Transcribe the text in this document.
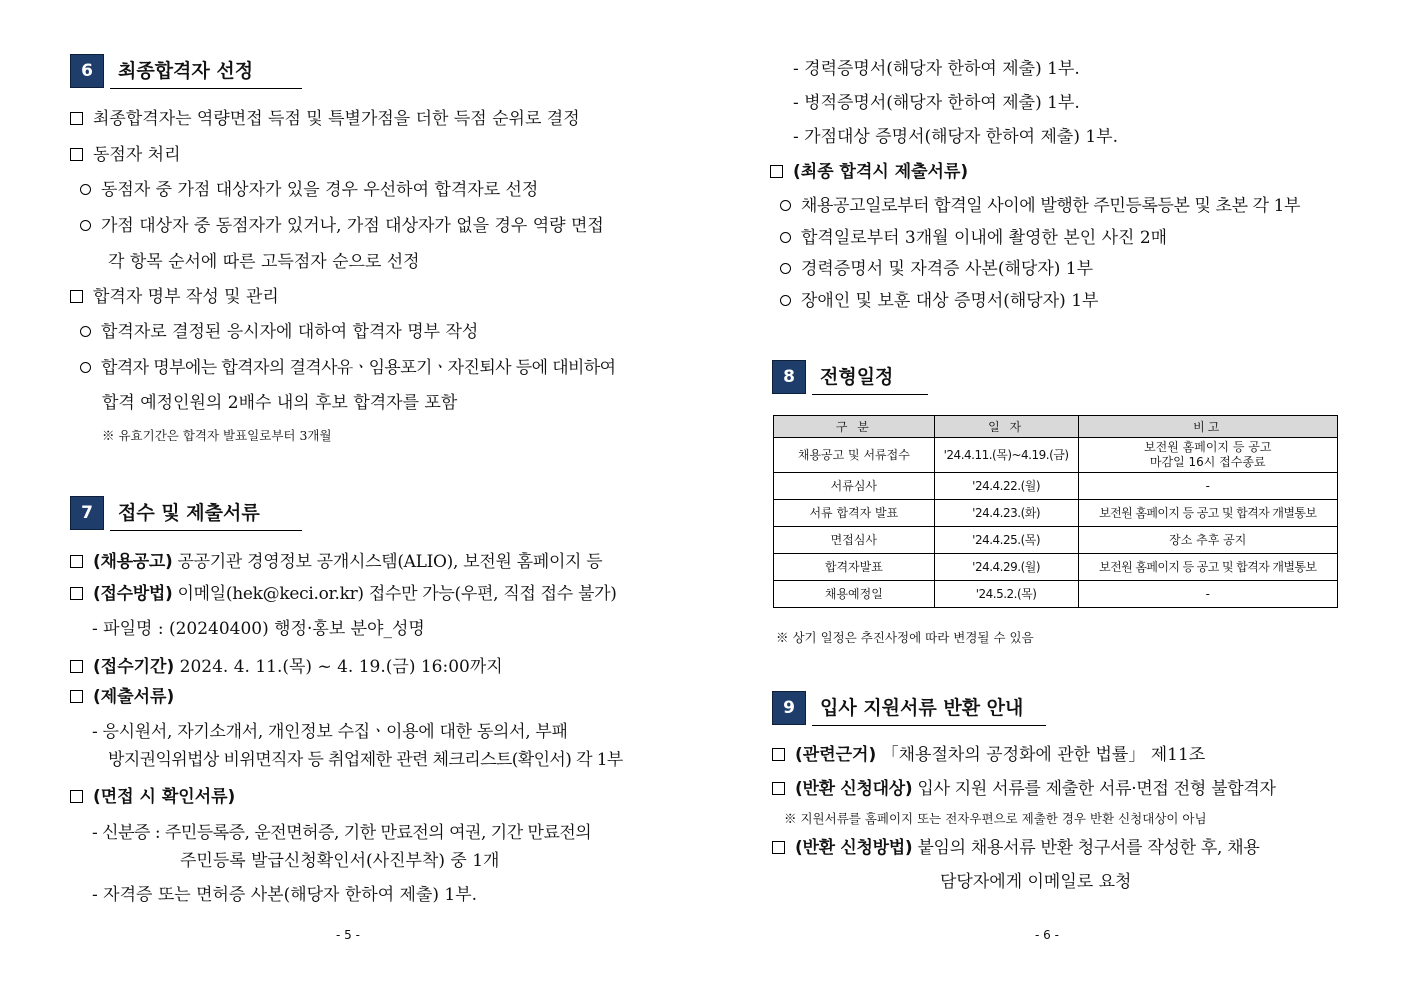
6	최종합격자 선정
최종합격자는 역량면접 득점 및 특별가점을 더한 득점 순위로 결정
동점자 처리
동점자 중 가점 대상자가 있을 경우 우선하여 합격자로 선정
가점 대상자 중 동점자가 있거나, 가점 대상자가 없을 경우 역량 면접
각 항목 순서에 따른 고득점자 순으로 선정
합격자 명부 작성 및 관리
합격자로 결정된 응시자에 대하여 합격자 명부 작성
합격자 명부에는 합격자의 결격사유ㆍ임용포기ㆍ자진퇴사 등에 대비하여
합격 예정인원의 2배수 내의 후보 합격자를 포함
※ 유효기간은 합격자 발표일로부터 3개월
7	접수 및 제출서류
(채용공고) 공공기관 경영정보 공개시스템(ALIO), 보전원 홈페이지 등
(접수방법) 이메일(hek@keci.or.kr) 접수만 가능(우편, 직접 접수 불가)
- 파일명 : (20240400) 행정·홍보 분야_성명
(접수기간) 2024. 4. 11.(목) ~ 4. 19.(금) 16:00까지
(제출서류)
- 응시원서, 자기소개서, 개인정보 수집ㆍ이용에 대한 동의서, 부패
방지권익위법상 비위면직자 등 취업제한 관련 체크리스트(확인서) 각 1부
(면접 시 확인서류)
- 신분증 : 주민등록증, 운전면허증, 기한 만료전의 여권, 기간 만료전의
주민등록 발급신청확인서(사진부착) 중 1개
- 자격증 또는 면허증 사본(해당자 한하여 제출) 1부.
- 5 -
- 경력증명서(해당자 한하여 제출) 1부.
- 병적증명서(해당자 한하여 제출) 1부.
- 가점대상 증명서(해당자 한하여 제출) 1부.
(최종 합격시 제출서류)
채용공고일로부터 합격일 사이에 발행한 주민등록등본 및 초본 각 1부
합격일로부터 3개월 이내에 촬영한 본인 사진 2매
경력증명서 및 자격증 사본(해당자) 1부
장애인 및 보훈 대상 증명서(해당자) 1부
8	전형일정
구 분	일 자	비고
채용공고 및 서류접수	'24.4.11.(목)~4.19.(금)	보전원 홈페이지 등 공고
마감일 16시 접수종료

서류심사	'24.4.22.(월)	-
서류 합격자 발표	'24.4.23.(화)	보전원 홈페이지 등 공고 및 합격자 개별통보
면접심사	'24.4.25.(목)	장소 추후 공지
합격자발표	'24.4.29.(월)	보전원 홈페이지 등 공고 및 합격자 개별통보
채용예정일	'24.5.2.(목)	-
※ 상기 일정은 추진사정에 따라 변경될 수 있음
9	입사 지원서류 반환 안내
(관련근거) 「채용절차의 공정화에 관한 법률」 제11조
(반환 신청대상) 입사 지원 서류를 제출한 서류·면접 전형 불합격자
※ 지원서류를 홈페이지 또는 전자우편으로 제출한 경우 반환 신청대상이 아님
(반환 신청방법) 붙임의 채용서류 반환 청구서를 작성한 후, 채용
담당자에게 이메일로 요청
- 6 -
